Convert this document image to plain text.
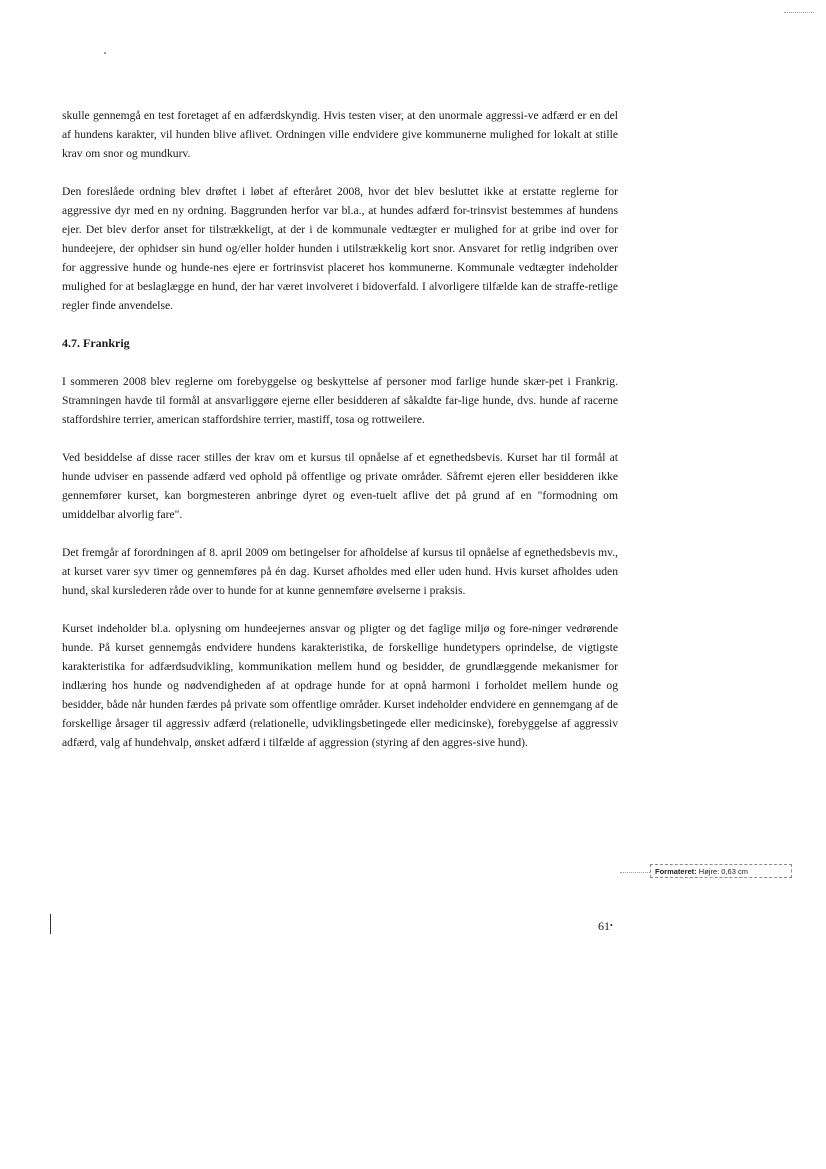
skulle gennemgå en test foretaget af en adfærdskyndig. Hvis testen viser, at den unormale aggressi-ve adfærd er en del af hundens karakter, vil hunden blive aflivet. Ordningen ville endvidere give kommunerne mulighed for lokalt at stille krav om snor og mundkurv.

Den foreslåede ordning blev drøftet i løbet af efteråret 2008, hvor det blev besluttet ikke at erstatte reglerne for aggressive dyr med en ny ordning. Baggrunden herfor var bl.a., at hundes adfærd for-trinsvist bestemmes af hundens ejer. Det blev derfor anset for tilstrækkeligt, at der i de kommunale vedtægter er mulighed for at gribe ind over for hundeejere, der ophidser sin hund og/eller holder hunden i utilstrækkelig kort snor. Ansvaret for retlig indgriben over for aggressive hunde og hunde-nes ejere er fortrinsvist placeret hos kommunerne. Kommunale vedtægter indeholder mulighed for at beslaglægge en hund, der har været involveret i bidoverfald. I alvorligere tilfælde kan de straffe-retlige regler finde anvendelse.

4.7. Frankrig

I sommeren 2008 blev reglerne om forebyggelse og beskyttelse af personer mod farlige hunde skær-pet i Frankrig. Stramningen havde til formål at ansvarliggøre ejerne eller besidderen af såkaldte far-lige hunde, dvs. hunde af racerne staffordshire terrier, american staffordshire terrier, mastiff, tosa og rottweilere.

Ved besiddelse af disse racer stilles der krav om et kursus til opnåelse af et egnethedsbevis. Kurset har til formål at hunde udviser en passende adfærd ved ophold på offentlige og private områder. Såfremt ejeren eller besidderen ikke gennemfører kurset, kan borgmesteren anbringe dyret og even-tuelt aflive det på grund af en "formodning om umiddelbar alvorlig fare".

Det fremgår af forordningen af 8. april 2009 om betingelser for afholdelse af kursus til opnåelse af egnethedsbevis mv., at kurset varer syv timer og gennemføres på én dag. Kurset afholdes med eller uden hund. Hvis kurset afholdes uden hund, skal kurslederen råde over to hunde for at kunne gennemføre øvelserne i praksis.

Kurset indeholder bl.a. oplysning om hundeejernes ansvar og pligter og det faglige miljø og fore-ninger vedrørende hunde. På kurset gennemgås endvidere hundens karakteristika, de forskellige hundetypers oprindelse, de vigtigste karakteristika for adfærdsudvikling, kommunikation mellem hund og besidder, de grundlæggende mekanismer for indlæring hos hunde og nødvendigheden af at opdrage hunde for at opnå harmoni i forholdet mellem hunde og besidder, både når hunden færdes på private som offentlige områder. Kurset indeholder endvidere en gennemgang af de forskellige årsager til aggressiv adfærd (relationelle, udviklingsbetingede eller medicinske), forebyggelse af aggressiv adfærd, valg af hundehvalp, ønsket adfærd i tilfælde af aggression (styring af den aggres-sive hund).

Formateret: Højre: 0,63 cm
61•
